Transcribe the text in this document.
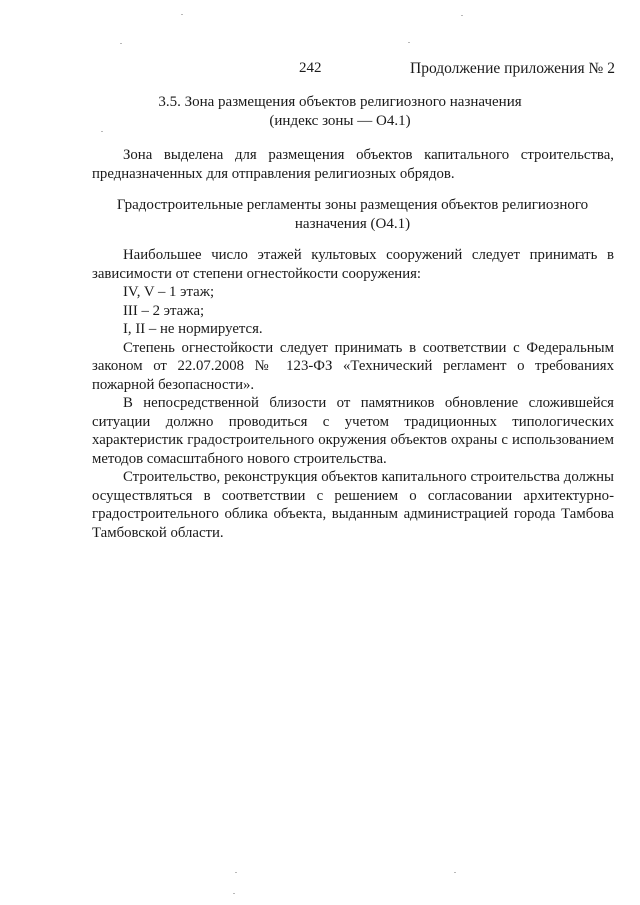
242	Продолжение приложения № 2
3.5. Зона размещения объектов религиозного назначения
(индекс зоны — О4.1)

Зона выделена для размещения объектов капитального строительства, предназначенных для отправления религиозных обрядов.

Градостроительные регламенты зоны размещения объектов религиозного
назначения (О4.1)

Наибольшее число этажей культовых сооружений следует принимать в зависимости от степени огнестойкости сооружения:

IV, V – 1 этаж;
III – 2 этажа;
I, II – не нормируется.

Степень огнестойкости следует принимать в соответствии с Федеральным законом от 22.07.2008 № 123-ФЗ «Технический регламент о требованиях пожарной безопасности».

В непосредственной близости от памятников обновление сложившейся ситуации должно проводиться с учетом традиционных типологических характеристик градостроительного окружения объектов охраны с использованием методов сомасштабного нового строительства.

Строительство, реконструкция объектов капитального строительства должны осуществляться в соответствии с решением о согласовании архитектурно-градостроительного облика объекта, выданным администрацией города Тамбова Тамбовской области.
